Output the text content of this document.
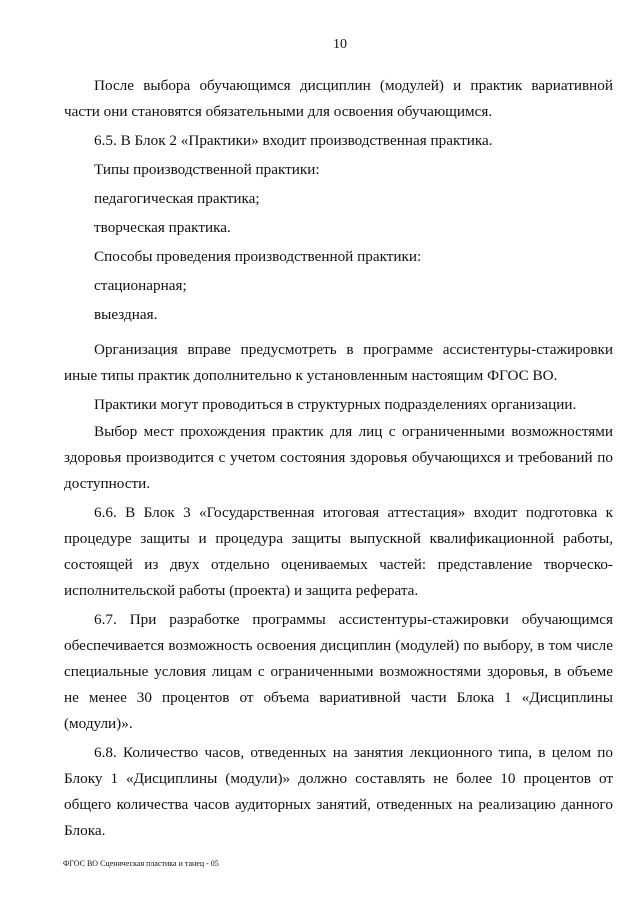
10

После выбора обучающимся дисциплин (модулей) и практик вариативной части они становятся обязательными для освоения обучающимся.

6.5. В Блок 2 «Практики» входит производственная практика.

Типы производственной практики:

педагогическая практика;

творческая практика.

Способы проведения производственной практики:

стационарная;

выездная.

Организация вправе предусмотреть в программе ассистентуры-стажировки иные типы практик дополнительно к установленным настоящим ФГОС ВО.

Практики могут проводиться в структурных подразделениях организации.

Выбор мест прохождения практик для лиц с ограниченными возможностями здоровья производится с учетом состояния здоровья обучающихся и требований по доступности.

6.6. В Блок 3 «Государственная итоговая аттестация» входит подготовка к процедуре защиты и процедура защиты выпускной квалификационной работы, состоящей из двух отдельно оцениваемых частей: представление творческо-исполнительской работы (проекта) и защита реферата.

6.7. При разработке программы ассистентуры-стажировки обучающимся обеспечивается возможность освоения дисциплин (модулей) по выбору, в том числе специальные условия лицам с ограниченными возможностями здоровья, в объеме не менее 30 процентов от объема вариативной части Блока 1 «Дисциплины (модули)».

6.8. Количество часов, отведенных на занятия лекционного типа, в целом по Блоку 1 «Дисциплины (модули)» должно составлять не более 10 процентов от общего количества часов аудиторных занятий, отведенных на реализацию данного Блока.

ФГОС ВО Сценическая пластика и танец - 05
